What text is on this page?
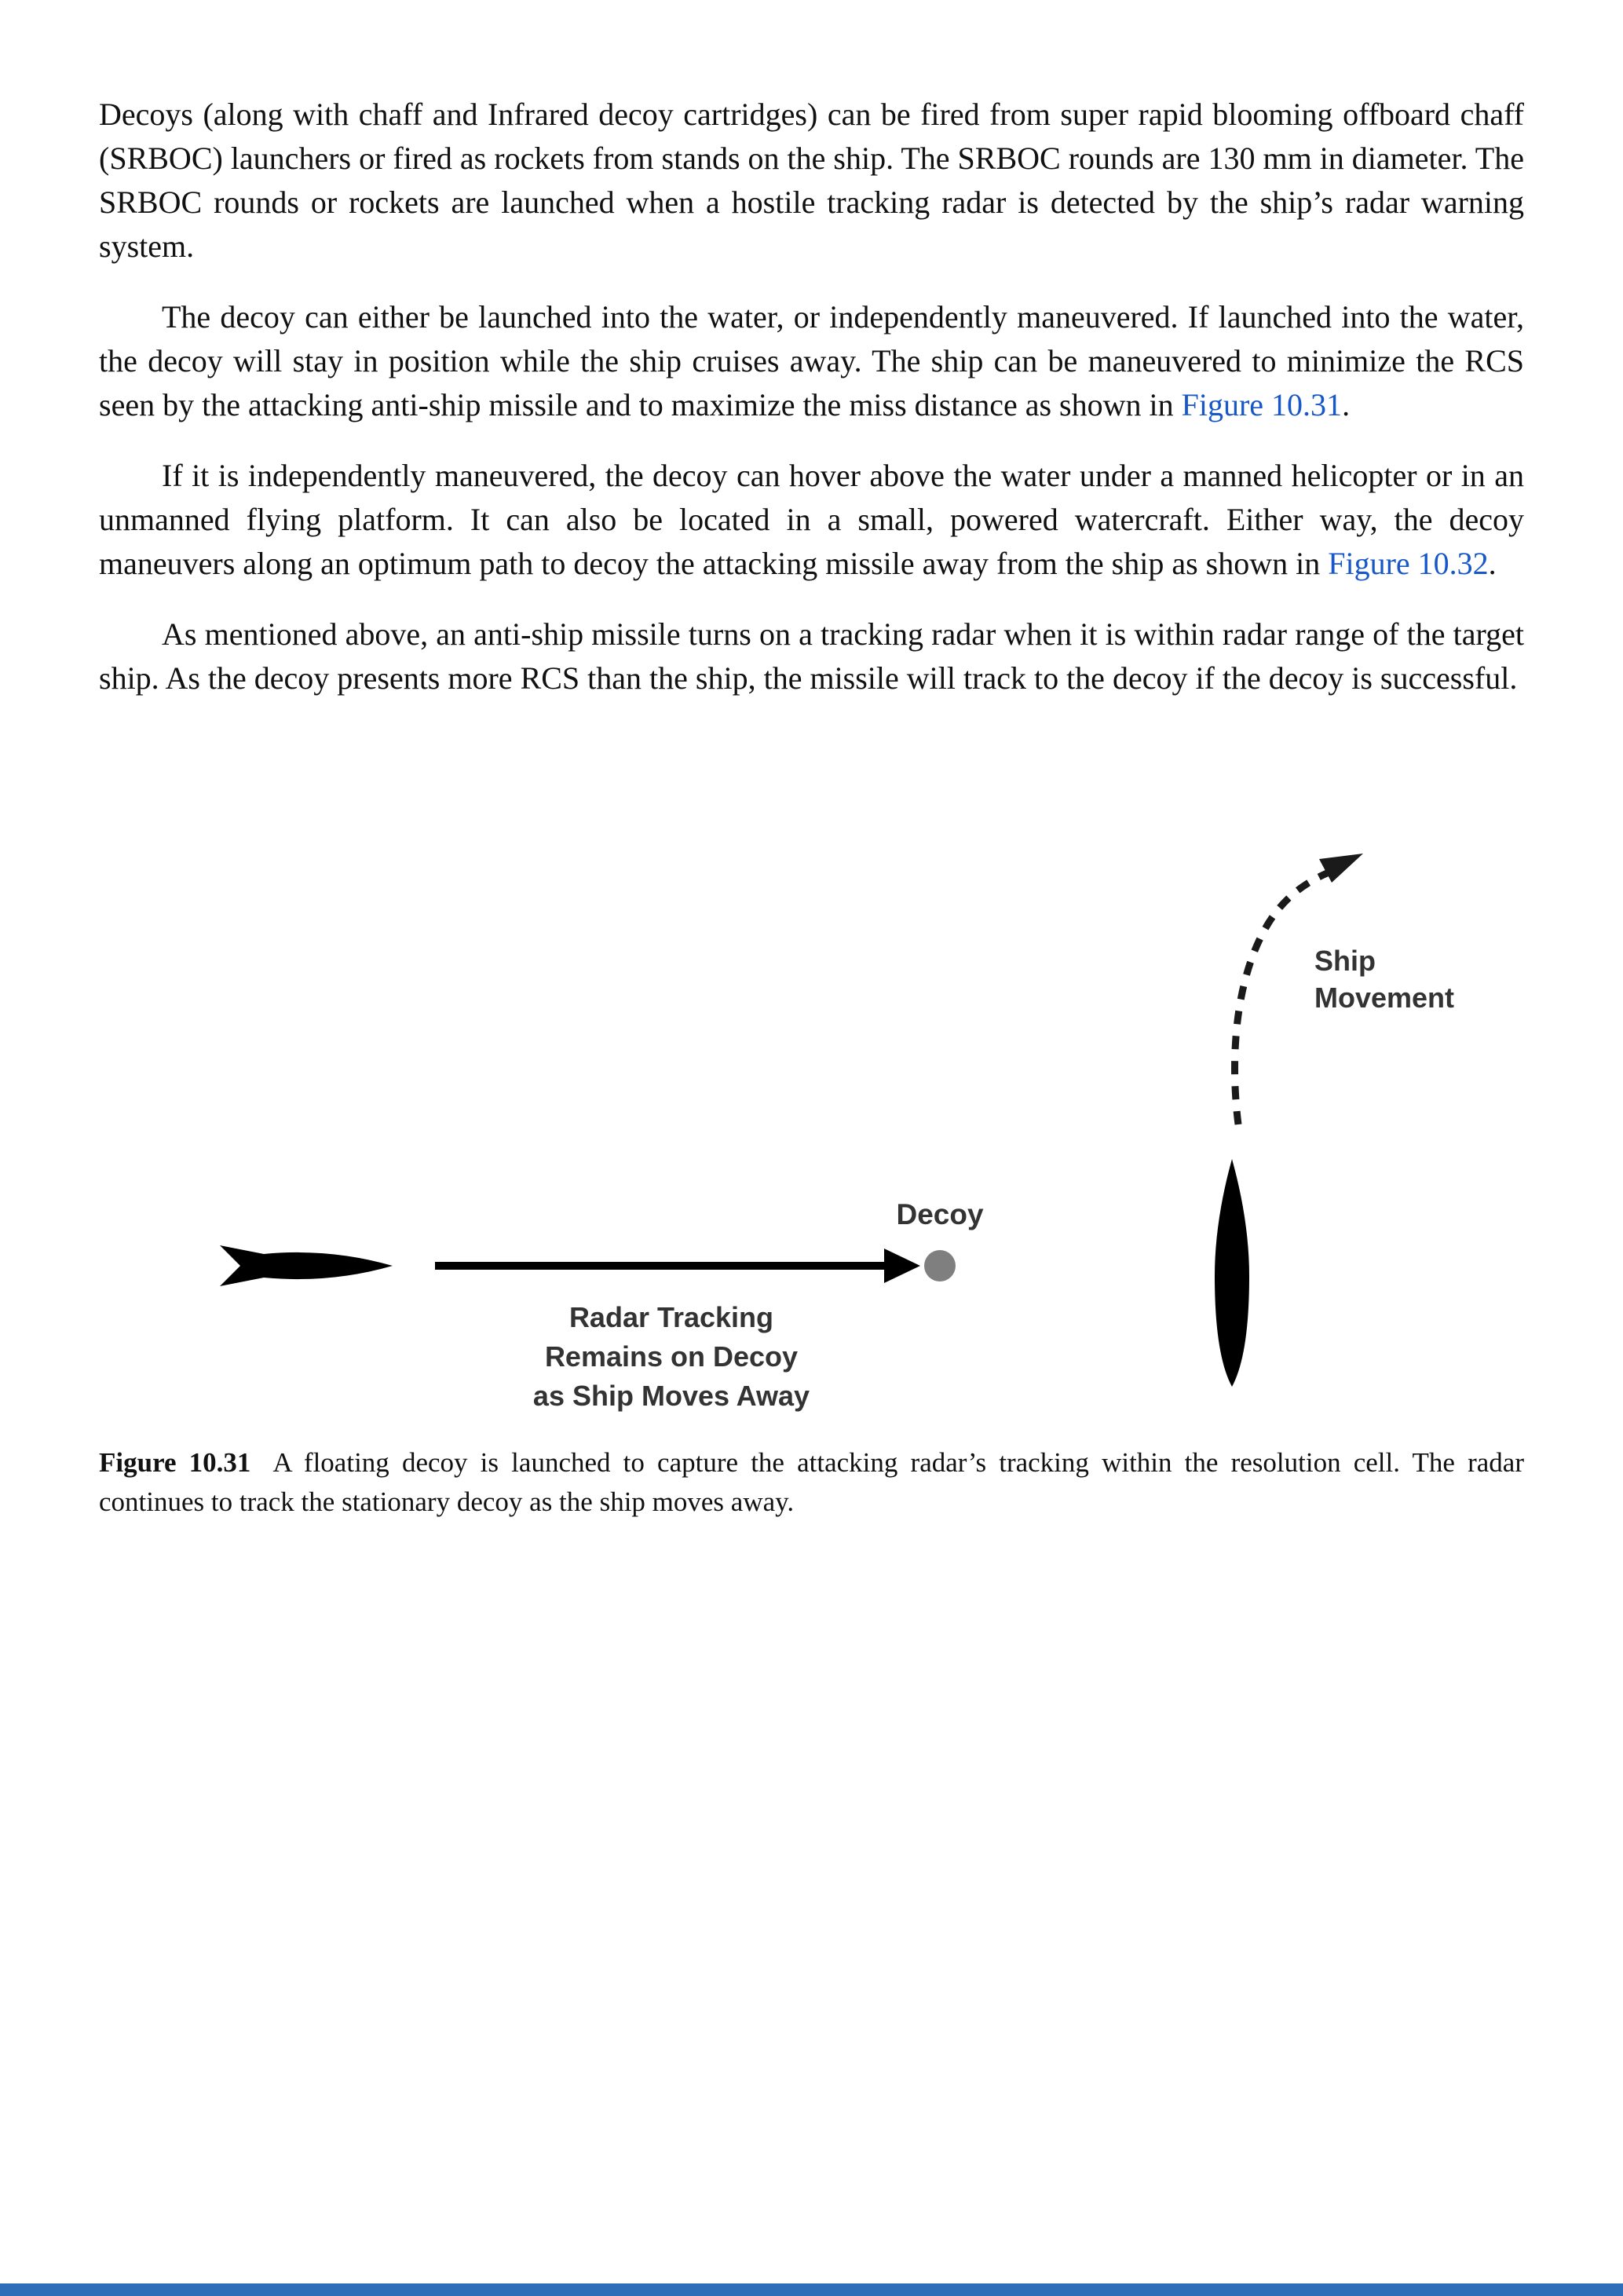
Decoys (along with chaff and Infrared decoy cartridges) can be fired from super rapid blooming offboard chaff (SRBOC) launchers or fired as rockets from stands on the ship. The SRBOC rounds are 130 mm in diameter. The SRBOC rounds or rockets are launched when a hostile tracking radar is detected by the ship’s radar warning system.

The decoy can either be launched into the water, or independently maneuvered. If launched into the water, the decoy will stay in position while the ship cruises away. The ship can be maneuvered to minimize the RCS seen by the attacking anti-ship missile and to maximize the miss distance as shown in Figure 10.31.

If it is independently maneuvered, the decoy can hover above the water under a manned helicopter or in an unmanned flying platform. It can also be located in a small, powered watercraft. Either way, the decoy maneuvers along an optimum path to decoy the attacking missile away from the ship as shown in Figure 10.32.

As mentioned above, an anti-ship missile turns on a tracking radar when it is within radar range of the target ship. As the decoy presents more RCS than the ship, the missile will track to the decoy if the decoy is successful.

Decoy
Radar Tracking
Remains on Decoy
as Ship Moves Away
Ship
Movement

Figure 10.31 A floating decoy is launched to capture the attacking radar’s tracking within the resolution cell. The radar continues to track the stationary decoy as the ship moves away.
